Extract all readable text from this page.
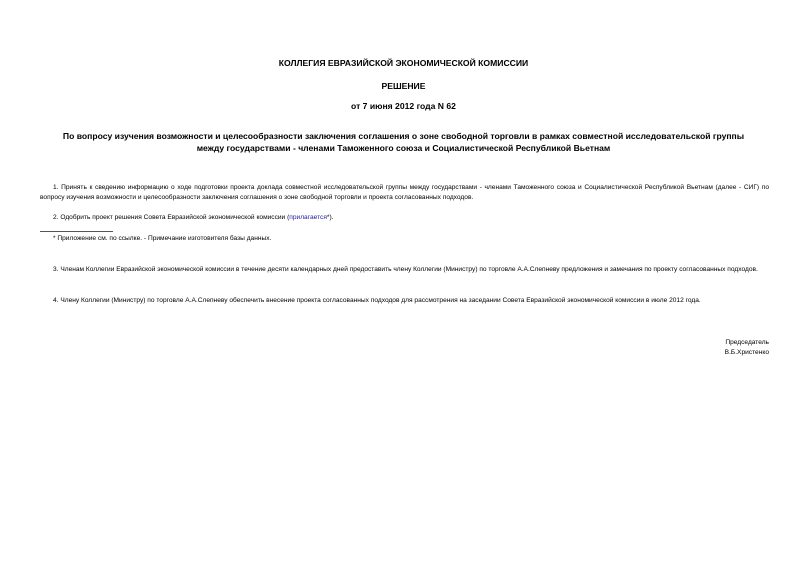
КОЛЛЕГИЯ ЕВРАЗИЙСКОЙ ЭКОНОМИЧЕСКОЙ КОМИССИИ
РЕШЕНИЕ
от 7 июня 2012 года N 62
По вопросу изучения возможности и целесообразности заключения соглашения о зоне свободной торговли в рамках совместной исследовательской группы
между государствами - членами Таможенного союза и Социалистической Республикой Вьетнам
1. Принять к сведению информацию о ходе подготовки проекта доклада совместной исследовательской группы между государствами - членами Таможенного союза и Социалистической Республикой Вьетнам (далее - СИГ) по вопросу изучения возможности и целесообразности заключения соглашения о зоне свободной торговли и проекта согласованных подходов.
2. Одобрить проект решения Совета Евразийской экономической комиссии (прилагается*).
* Приложение см. по ссылке. - Примечание изготовителя базы данных.
3. Членам Коллегии Евразийской экономической комиссии в течение десяти календарных дней предоставить члену Коллегии (Министру) по торговле А.А.Слепневу предложения и замечания по проекту согласованных подходов.
4. Члену Коллегии (Министру) по торговле А.А.Слепневу обеспечить внесение проекта согласованных подходов для рассмотрения на заседании Совета Евразийской экономической комиссии в июле 2012 года.
Председатель
В.Б.Христенко
